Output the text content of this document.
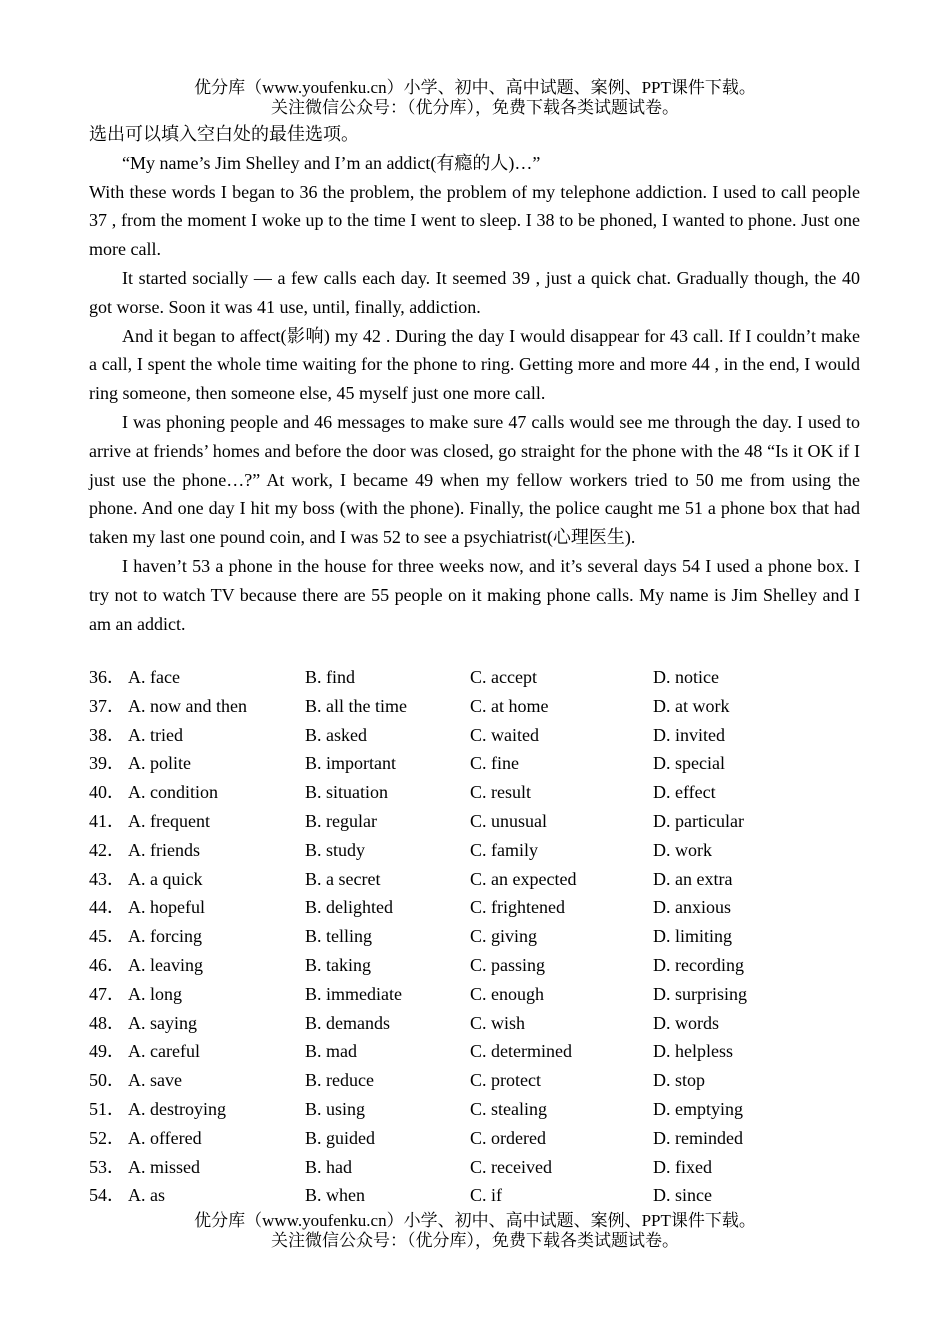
优分库（www.youfenku.cn）小学、初中、高中试题、案例、PPT课件下载。
关注微信公众号：（优分库），免费下载各类试题试卷。

选出可以填入空白处的最佳选项。

“My name’s Jim Shelley and I’m an addict(有瘾的人)…”

With these words I began to 36 the problem, the problem of my telephone addiction. I used to call people 37 , from the moment I woke up to the time I went to sleep. I 38 to be phoned, I wanted to phone. Just one more call.

It started socially — a few calls each day. It seemed 39 , just a quick chat. Gradually though, the 40 got worse. Soon it was 41 use, until, finally, addiction.

And it began to affect(影响) my 42 . During the day I would disappear for 43 call. If I couldn’t make a call, I spent the whole time waiting for the phone to ring. Getting more and more 44 , in the end, I would ring someone, then someone else, 45 myself just one more call.

I was phoning people and 46 messages to make sure 47 calls would see me through the day. I used to arrive at friends’ homes and before the door was closed, go straight for the phone with the 48 “Is it OK if I just use the phone…?” At work, I became 49 when my fellow workers tried to 50 me from using the phone. And one day I hit my boss (with the phone). Finally, the police caught me 51 a phone box that had taken my last one pound coin, and I was 52 to see a psychiatrist(心理医生).

I haven’t 53 a phone in the house for three weeks now, and it’s several days 54 I used a phone box. I try not to watch TV because there are 55 people on it making phone calls. My name is Jim Shelley and I am an addict.

36． A. face	B. find	C. accept	D. notice
37． A. now and then	B. all the time	C. at home	D. at work
38． A. tried	B. asked	C. waited	D. invited
39． A. polite	B. important	C. fine	D. special
40． A. condition	B. situation	C. result	D. effect
41． A. frequent	B. regular	C. unusual	D. particular
42． A. friends	B. study	C. family	D. work
43． A. a quick	B. a secret	C. an expected	D. an extra
44． A. hopeful	B. delighted	C. frightened	D. anxious
45． A. forcing	B. telling	C. giving	D. limiting
46． A. leaving	B. taking	C. passing	D. recording
47． A. long	B. immediate	C. enough	D. surprising
48． A. saying	B. demands	C. wish	D. words
49． A. careful	B. mad	C. determined	D. helpless
50． A. save	B. reduce	C. protect	D. stop
51． A. destroying	B. using	C. stealing	D. emptying
52． A. offered	B. guided	C. ordered	D. reminded
53． A. missed	B. had	C. received	D. fixed
54． A. as	B. when	C. if	D. since
优分库（www.youfenku.cn）小学、初中、高中试题、案例、PPT课件下载。
关注微信公众号：（优分库），免费下载各类试题试卷。
